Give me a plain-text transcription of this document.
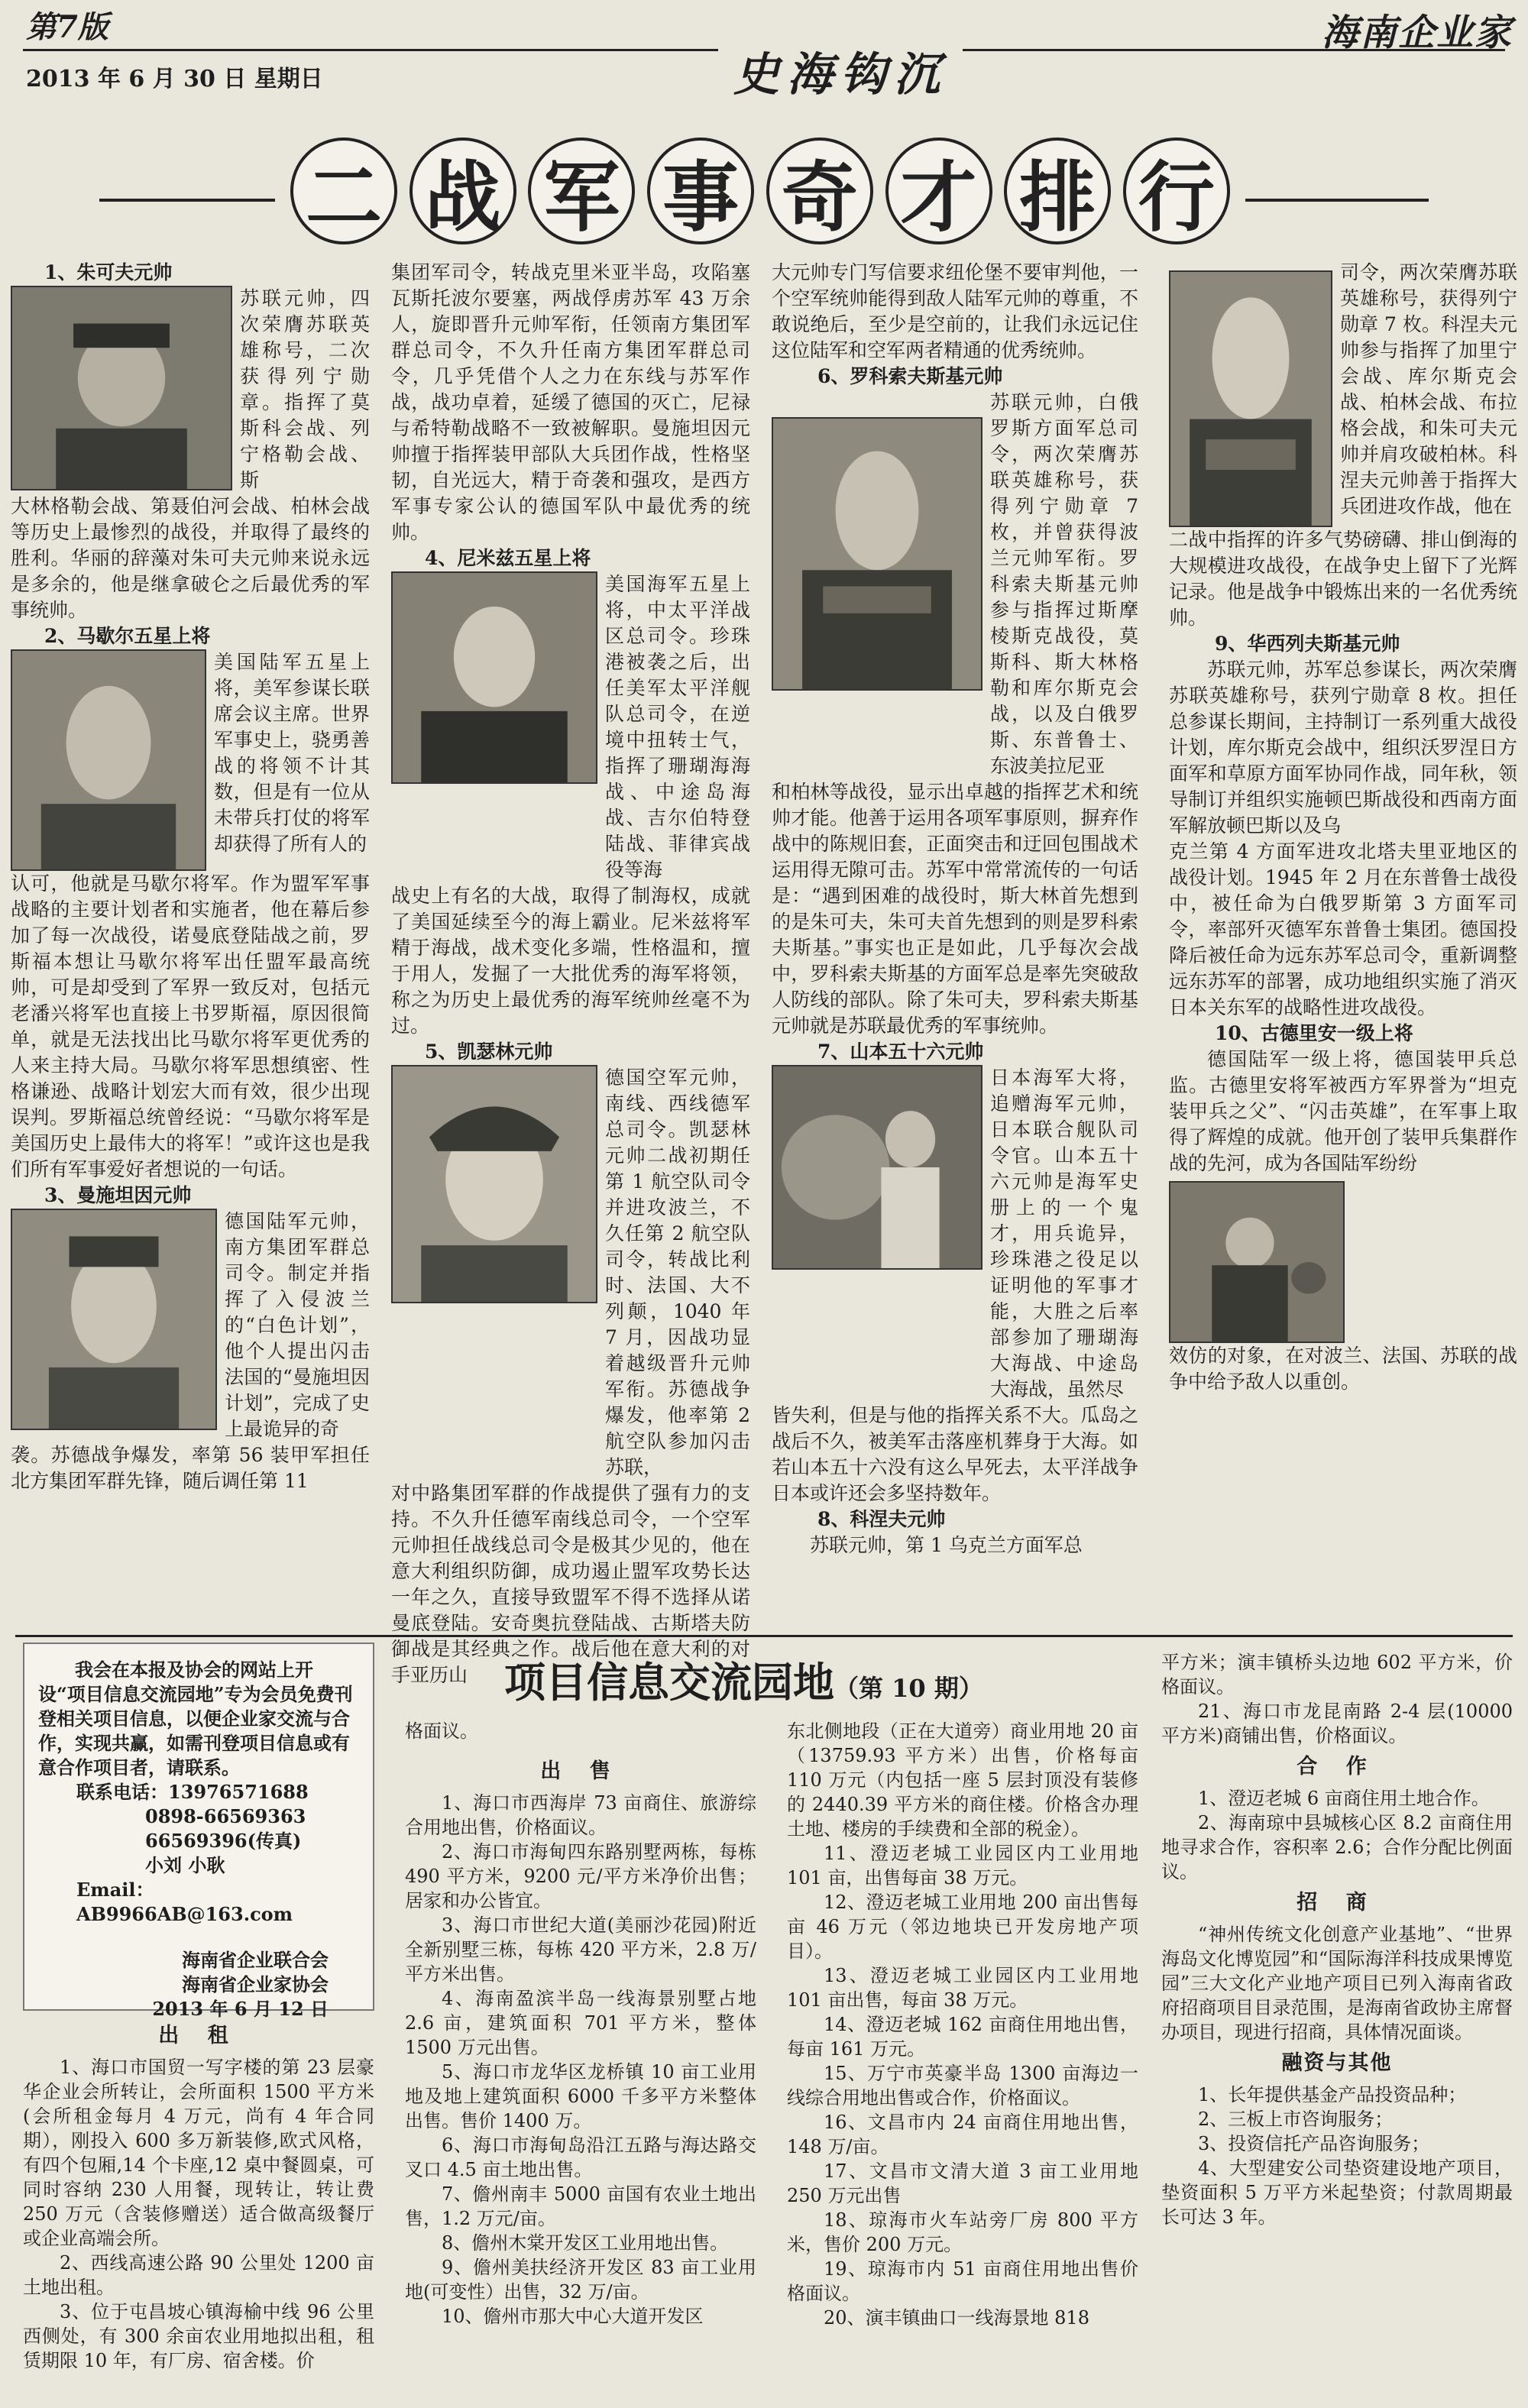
第7版
2013 年 6 月 30 日 星期日	史海钩沉
海南企业家
二 战 军 事 奇 才 排 行
1、朱可夫元帅
苏联元帅，四次荣膺苏联英雄称号，二次获得列宁勋章。指挥了莫斯科会战、列宁格勒会战、斯
大林格勒会战、第聂伯河会战、柏林会战等历史上最惨烈的战役，并取得了最终的胜利。华丽的辞藻对朱可夫元帅来说永远是多余的，他是继拿破仑之后最优秀的军事统帅。
2、马歇尔五星上将
美国陆军五星上将，美军参谋长联席会议主席。世界军事史上，骁勇善战的将领不计其数，但是有一位从未带兵打仗的将军却获得了所有人的
认可，他就是马歇尔将军。作为盟军军事战略的主要计划者和实施者，他在幕后参加了每一次战役，诺曼底登陆战之前，罗斯福本想让马歇尔将军出任盟军最高统帅，可是却受到了军界一致反对，包括元老潘兴将军也直接上书罗斯福，原因很简单，就是无法找出比马歇尔将军更优秀的人来主持大局。马歇尔将军思想缜密、性格谦逊、战略计划宏大而有效，很少出现误判。罗斯福总统曾经说：“马歇尔将军是美国历史上最伟大的将军！”或许这也是我们所有军事爱好者想说的一句话。
3、曼施坦因元帅
德国陆军元帅，南方集团军群总司令。制定并指挥了入侵波兰的“白色计划”，他个人提出闪击法国的“曼施坦因计划”，完成了史上最诡异的奇
袭。苏德战争爆发，率第 56 装甲军担任北方集团军群先锋，随后调任第 11
集团军司令，转战克里米亚半岛，攻陷塞瓦斯托波尔要塞，两战俘虏苏军 43 万余人，旋即晋升元帅军衔，任领南方集团军群总司令，不久升任南方集团军群总司令，几乎凭借个人之力在东线与苏军作战，战功卓着，延缓了德国的灭亡，尼禄与希特勒战略不一致被解职。曼施坦因元帅擅于指挥装甲部队大兵团作战，性格坚韧，自光远大，精于奇袭和强攻，是西方军事专家公认的德国军队中最优秀的统帅。
4、尼米兹五星上将
美国海军五星上将，中太平洋战区总司令。珍珠港被袭之后，出任美军太平洋舰队总司令，在逆境中扭转士气，指挥了珊瑚海海战、中途岛海战、吉尔伯特登陆战、菲律宾战役等海
战史上有名的大战，取得了制海权，成就了美国延续至今的海上霸业。尼米兹将军精于海战，战术变化多端，性格温和，擅于用人，发掘了一大批优秀的海军将领，称之为历史上最优秀的海军统帅丝毫不为过。
5、凯瑟林元帅
德国空军元帅，南线、西线德军总司令。凯瑟林元帅二战初期任第 1 航空队司令并进攻波兰，不久任第 2 航空队司令，转战比利时、法国、大不列颠，1040 年 7 月，因战功显着越级晋升元帅军衔。苏德战争爆发，他率第 2 航空队参加闪击苏联，
对中路集团军群的作战提供了强有力的支持。不久升任德军南线总司令，一个空军元帅担任战线总司令是极其少见的，他在意大利组织防御，成功遏止盟军攻势长达一年之久，直接导致盟军不得不选择从诺曼底登陆。安奇奥抗登陆战、古斯塔夫防御战是其经典之作。战后他在意大利的对手亚历山
大元帅专门写信要求纽伦堡不要审判他，一个空军统帅能得到敌人陆军元帅的尊重，不敢说绝后，至少是空前的，让我们永远记住这位陆军和空军两者精通的优秀统帅。
6、罗科索夫斯基元帅
苏联元帅，白俄罗斯方面军总司令，两次荣膺苏联英雄称号，获得列宁勋章 7 枚，并曾获得波兰元帅军衔。罗科索夫斯基元帅参与指挥过斯摩棱斯克战役，莫斯科、斯大林格勒和库尔斯克会战，以及白俄罗斯、东普鲁士、东波美拉尼亚
和柏林等战役，显示出卓越的指挥艺术和统帅才能。他善于运用各项军事原则，摒弃作战中的陈规旧套，正面突击和迂回包围战术运用得无隙可击。苏军中常常流传的一句话是：“遇到困难的战役时，斯大林首先想到的是朱可夫，朱可夫首先想到的则是罗科索夫斯基。”事实也正是如此，几乎每次会战中，罗科索夫斯基的方面军总是率先突破敌人防线的部队。除了朱可夫，罗科索夫斯基元帅就是苏联最优秀的军事统帅。
7、山本五十六元帅
日本海军大将，追赠海军元帅，日本联合舰队司令官。山本五十六元帅是海军史册上的一个鬼才，用兵诡异，珍珠港之役足以证明他的军事才能，大胜之后率部参加了珊瑚海大海战、中途岛大海战，虽然尽
皆失利，但是与他的指挥关系不大。瓜岛之战后不久，被美军击落座机葬身于大海。如若山本五十六没有这么早死去，太平洋战争日本或许还会多坚持数年。
8、科涅夫元帅
苏联元帅，第 1 乌克兰方面军总
司令，两次荣膺苏联英雄称号，获得列宁勋章 7 枚。科涅夫元帅参与指挥了加里宁会战、库尔斯克会战、柏林会战、布拉格会战，和朱可夫元帅并肩攻破柏林。科涅夫元帅善于指挥大兵团进攻作战，他在
二战中指挥的许多气势磅礴、排山倒海的大规模进攻战役，在战争史上留下了光辉记录。他是战争中锻炼出来的一名优秀统帅。
9、华西列夫斯基元帅
苏联元帅，苏军总参谋长，两次荣膺苏联英雄称号，获列宁勋章 8 枚。担任总参谋长期间，主持制订一系列重大战役计划，库尔斯克会战中，组织沃罗涅日方面军和草原方面军协同作战，同年秋，领导制订并组织实施顿巴斯战役和西南方面军解放顿巴斯以及乌
克兰第 4 方面军进攻北塔夫里亚地区的战役计划。1945 年 2 月在东普鲁士战役中，被任命为白俄罗斯第 3 方面军司令，率部歼灭德军东普鲁士集团。德国投降后被任命为远东苏军总司令，重新调整远东苏军的部署，成功地组织实施了消灭日本关东军的战略性进攻战役。
10、古德里安一级上将
德国陆军一级上将，德国装甲兵总监。古德里安将军被西方军界誉为“坦克装甲兵之父”、“闪击英雄”，在军事上取得了辉煌的成就。他开创了装甲兵集群作战的先河，成为各国陆军纷纷
效仿的对象，在对波兰、法国、苏联的战争中给予敌人以重创。
我会在本报及协会的网站上开设“项目信息交流园地”专为会员免费刊登相关项目信息，以便企业家交流与合作，实现共赢，如需刊登项目信息或有意合作项目者，请联系。
联系电话：13976571688
0898-66569363
66569396(传真)
小刘 小耿
Email：AB9966AB@163.com
海南省企业联合会
海南省企业家协会
2013 年 6 月 12 日
项目信息交流园地（第 10 期）
出 租

1、海口市国贸一写字楼的第 23 层豪华企业会所转让，会所面积 1500 平方米(会所租金每月 4 万元，尚有 4 年合同期），刚投入 600 多万新装修,欧式风格，有四个包厢,14 个卡座,12 桌中餐圆桌，可同时容纳 230 人用餐，现转让，转让费 250 万元（含装修赠送）适合做高级餐厅或企业高端会所。

2、西线高速公路 90 公里处 1200 亩土地出租。

3、位于屯昌坡心镇海榆中线 96 公里西侧处，有 300 余亩农业用地拟出租，租赁期限 10 年，有厂房、宿舍楼。价

格面议。
出 售

1、海口市西海岸 73 亩商住、旅游综合用地出售，价格面议。

2、海口市海甸四东路别墅两栋，每栋 490 平方米，9200 元/平方米净价出售；居家和办公皆宜。

3、海口市世纪大道(美丽沙花园)附近全新别墅三栋，每栋 420 平方米，2.8 万/平方米出售。

4、海南盈滨半岛一线海景别墅占地 2.6 亩，建筑面积 701 平方米，整体 1500 万元出售。

5、海口市龙华区龙桥镇 10 亩工业用地及地上建筑面积 6000 千多平方米整体出售。售价 1400 万。

6、海口市海甸岛沿江五路与海达路交叉口 4.5 亩土地出售。

7、儋州南丰 5000 亩国有农业土地出售，1.2 万元/亩。

8、儋州木棠开发区工业用地出售。

9、儋州美扶经济开发区 83 亩工业用地(可变性）出售，32 万/亩。

10、儋州市那大中心大道开发区

东北侧地段（正在大道旁）商业用地 20 亩（13759.93 平方米）出售，价格每亩 110 万元（内包括一座 5 层封顶没有装修的 2440.39 平方米的商住楼。价格含办理土地、楼房的手续费和全部的税金）。

11、澄迈老城工业园区内工业用地 101 亩，出售每亩 38 万元。

12、澄迈老城工业用地 200 亩出售每亩 46 万元（邻边地块已开发房地产项目）。

13、澄迈老城工业园区内工业用地 101 亩出售，每亩 38 万元。

14、澄迈老城 162 亩商住用地出售，每亩 161 万元。

15、万宁市英豪半岛 1300 亩海边一线综合用地出售或合作，价格面议。

16、文昌市内 24 亩商住用地出售，148 万/亩。

17、文昌市文清大道 3 亩工业用地 250 万元出售

18、琼海市火车站旁厂房 800 平方米，售价 200 万元。

19、琼海市内 51 亩商住用地出售价格面议。

20、演丰镇曲口一线海景地 818

平方米；演丰镇桥头边地 602 平方米，价格面议。

21、海口市龙昆南路 2-4 层(10000 平方米)商铺出售，价格面议。

合 作

1、澄迈老城 6 亩商住用土地合作。

2、海南琼中县城核心区 8.2 亩商住用地寻求合作，容积率 2.6；合作分配比例面议。

招 商

“神州传统文化创意产业基地”、“世界海岛文化博览园”和“国际海洋科技成果博览园”三大文化产业地产项目已列入海南省政府招商项目目录范围，是海南省政协主席督办项目，现进行招商，具体情况面谈。

融资与其他

1、长年提供基金产品投资品种；

2、三板上市咨询服务；

3、投资信托产品咨询服务；

4、大型建安公司垫资建设地产项目，垫资面积 5 万平方米起垫资；付款周期最长可达 3 年。
